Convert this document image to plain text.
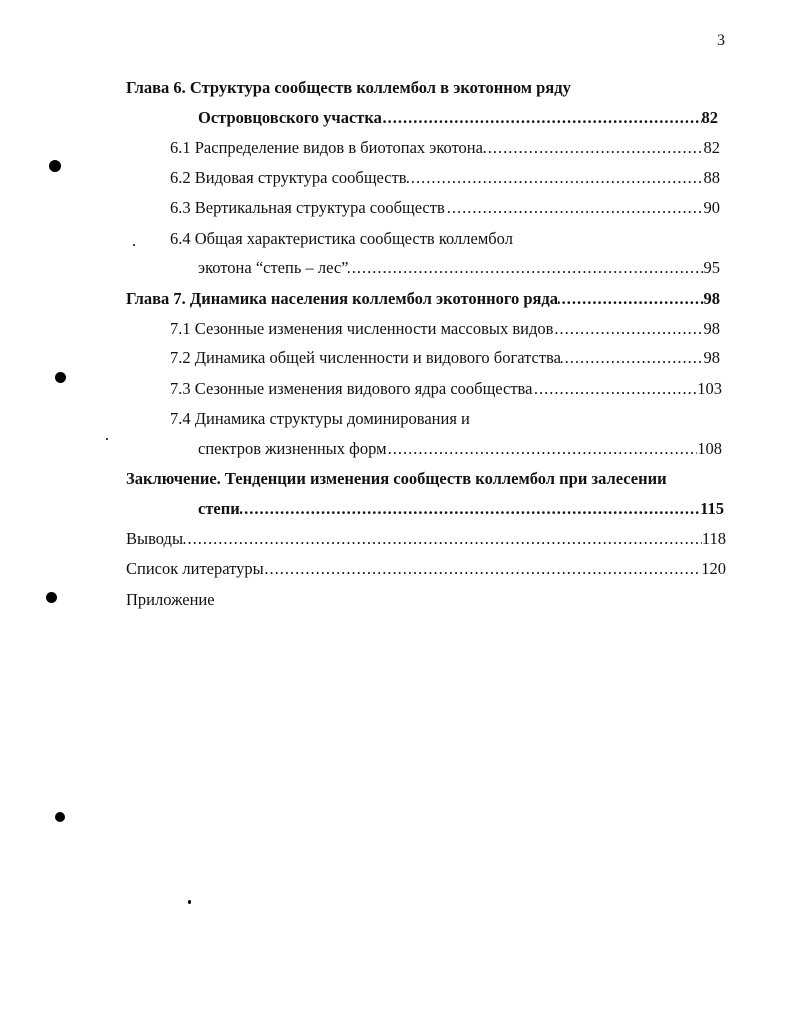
3
Глава 6. Структура сообществ коллембол в экотонном ряду
.....
Островцовского участка	82
.....
6.1 Распределение видов в биотопах экотона	82
.....
6.2 Видовая структура сообществ	88
.....
6.3 Вертикальная структура сообществ	90
6.4 Общая характеристика сообществ коллембол
.....
экотона “степь – лес”	95
.....
Глава 7. Динамика населения коллембол экотонного ряда	98
.....
7.1 Сезонные изменения численности массовых видов	98
.....
7.2 Динамика общей численности и видового богатства	98
.....
7.3 Сезонные изменения видового ядра сообщества	103
7.4 Динамика структуры доминирования и
.....
спектров жизненных форм	108
Заключение. Тенденции изменения сообществ коллембол при залесении
.....
степи	115
.....
Выводы	118
.....
Список литературы	120
Приложение
